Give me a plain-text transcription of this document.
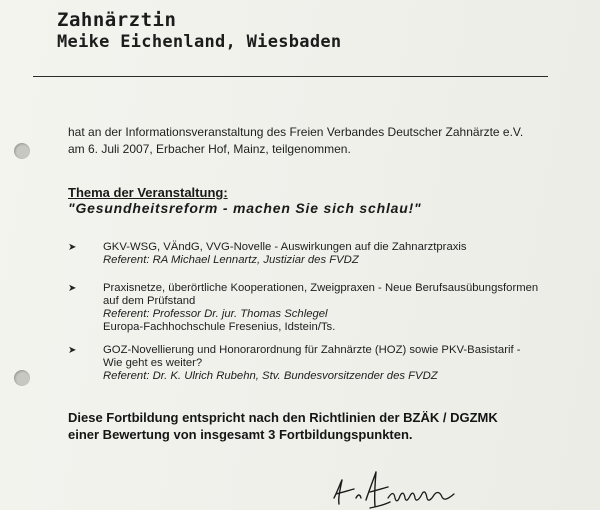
Zahnärztin
Meike Eichenland, Wiesbaden
hat an der Informationsveranstaltung des Freien Verbandes Deutscher Zahnärzte e.V.
am 6. Juli 2007, Erbacher Hof, Mainz, teilgenommen.
Thema der Veranstaltung:
"Gesundheitsreform - machen Sie sich schlau!"
➤ GKV-WSG, VÄndG, VVG-Novelle - Auswirkungen auf die Zahnarztpraxis
Referent: RA Michael Lennartz, Justiziar des FVDZ
➤ Praxisnetze, überörtliche Kooperationen, Zweigpraxen - Neue Berufsausübungsformen
auf dem Prüfstand
Referent: Professor Dr. jur. Thomas Schlegel
Europa-Fachhochschule Fresenius, Idstein/Ts.
➤ GOZ-Novellierung und Honorarordnung für Zahnärzte (HOZ) sowie PKV-Basistarif -
Wie geht es weiter?
Referent: Dr. K. Ulrich Rubehn, Stv. Bundesvorsitzender des FVDZ
Diese Fortbildung entspricht nach den Richtlinien der BZÄK / DGZMK
einer Bewertung von insgesamt 3 Fortbildungspunkten.
